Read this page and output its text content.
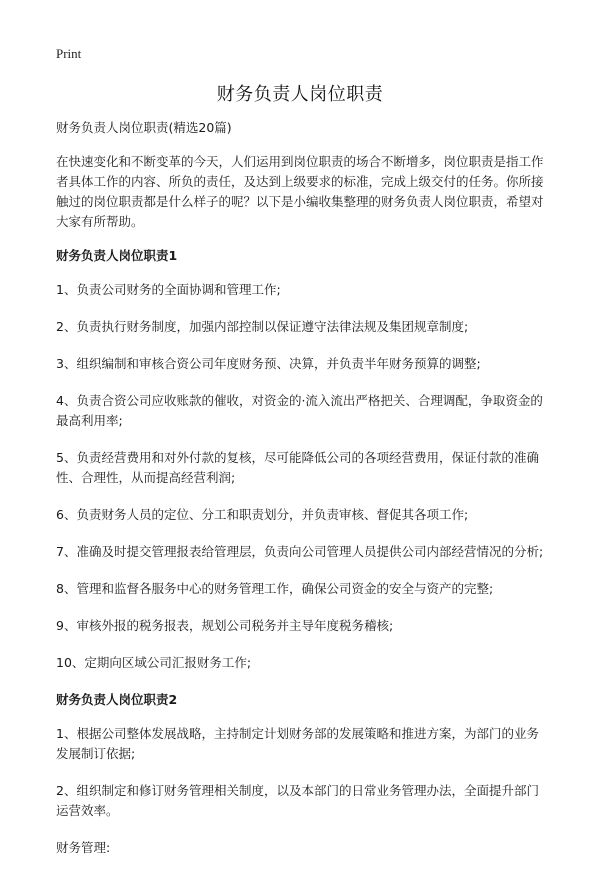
Print
财务负责人岗位职责
财务负责人岗位职责(精选20篇)
在快速变化和不断变革的今天，人们运用到岗位职责的场合不断增多，岗位职责是指工作者具体工作的内容、所负的责任，及达到上级要求的标准，完成上级交付的任务。你所接触过的岗位职责都是什么样子的呢？以下是小编收集整理的财务负责人岗位职责，希望对大家有所帮助。
财务负责人岗位职责1
1、负责公司财务的全面协调和管理工作;
2、负责执行财务制度，加强内部控制以保证遵守法律法规及集团规章制度;
3、组织编制和审核合资公司年度财务预、决算，并负责半年财务预算的调整;
4、负责合资公司应收账款的催收，对资金的·流入流出严格把关、合理调配，争取资金的最高利用率;
5、负责经营费用和对外付款的复核，尽可能降低公司的各项经营费用，保证付款的准确性、合理性，从而提高经营利润;
6、负责财务人员的定位、分工和职责划分，并负责审核、督促其各项工作;
7、准确及时提交管理报表给管理层，负责向公司管理人员提供公司内部经营情况的分析;
8、管理和监督各服务中心的财务管理工作，确保公司资金的安全与资产的完整;
9、审核外报的税务报表，规划公司税务并主导年度税务稽核;
10、定期向区域公司汇报财务工作;
财务负责人岗位职责2
1、根据公司整体发展战略，主持制定计划财务部的发展策略和推进方案，为部门的业务发展制订依据;
2、组织制定和修订财务管理相关制度，以及本部门的日常业务管理办法，全面提升部门运营效率。
财务管理:
